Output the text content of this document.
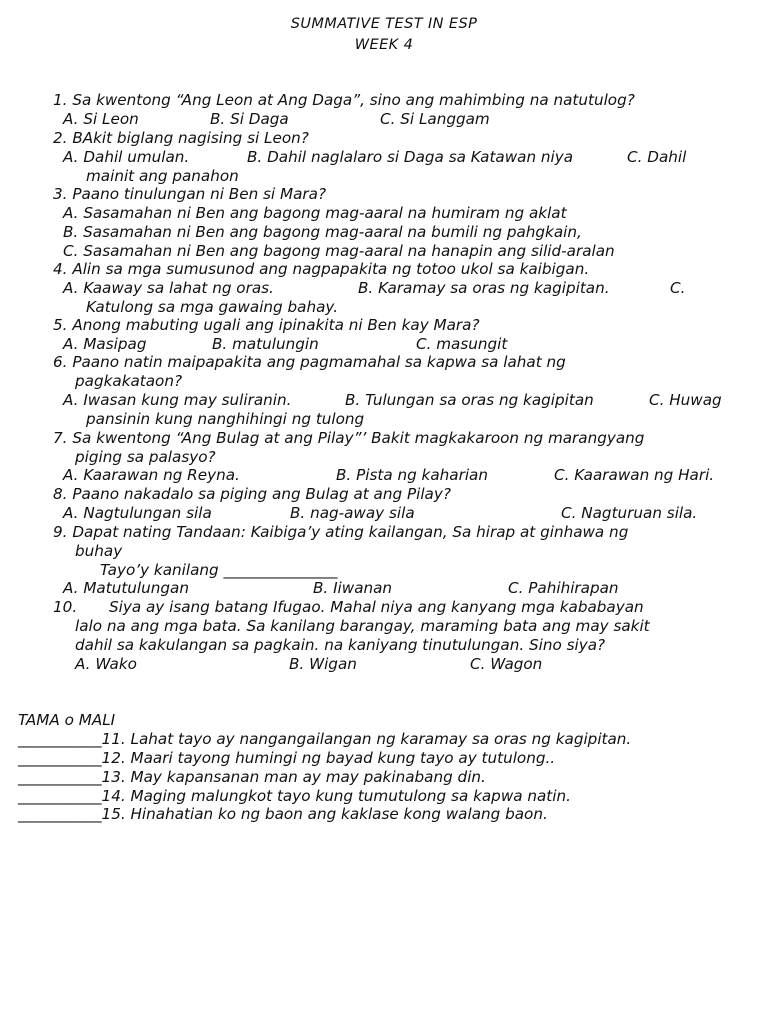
SUMMATIVE TEST IN ESP
WEEK 4
1. Sa kwentong “Ang Leon at Ang Daga”, sino ang mahimbing na natutulog?
A. Si Leon	B. Si Daga	C. Si Langgam
2. BAkit biglang nagising si Leon?
A. Dahil umulan.	B. Dahil naglalaro si Daga sa Katawan niya	C. Dahil
mainit ang panahon
3. Paano tinulungan ni Ben si Mara?
A. Sasamahan ni Ben ang bagong mag-aaral na humiram ng aklat
B. Sasamahan ni Ben ang bagong mag-aaral na bumili ng pahgkain,
C. Sasamahan ni Ben ang bagong mag-aaral na hanapin ang silid-aralan
4. Alin sa mga sumusunod ang nagpapakita ng totoo ukol sa kaibigan.
A. Kaaway sa lahat ng oras.	B. Karamay sa oras ng kagipitan.	C.
Katulong sa mga gawaing bahay.
5. Anong mabuting ugali ang ipinakita ni Ben kay Mara?
A. Masipag	B. matulungin	C. masungit
6. Paano natin maipapakita ang pagmamahal sa kapwa sa lahat ng
pagkakataon?
A. Iwasan kung may suliranin.	B. Tulungan sa oras ng kagipitan	C. Huwag
pansinin kung nanghihingi ng tulong
7. Sa kwentong “Ang Bulag at ang Pilay”’ Bakit magkakaroon ng marangyang
piging sa palasyo?
A. Kaarawan ng Reyna.	B. Pista ng kaharian	C. Kaarawan ng Hari.
8. Paano nakadalo sa piging ang Bulag at ang Pilay?
A. Nagtulungan sila	B. nag-away sila	C. Nagturuan sila.
9. Dapat nating Tandaan: Kaibiga’y ating kailangan, Sa hirap at ginhawa ng
buhay
Tayo’y kanilang _______________
A. Matutulungan	B. Iiwanan	C. Pahihirapan
10. Siya ay isang batang Ifugao. Mahal niya ang kanyang mga kababayan
lalo na ang mga bata. Sa kanilang barangay, maraming bata ang may sakit
dahil sa kakulangan sa pagkain. na kaniyang tinutulungan. Sino siya?
A. Wako	B. Wigan	C. Wagon
TAMA o MALI
___________11. Lahat tayo ay nangangailangan ng karamay sa oras ng kagipitan.
___________12. Maari tayong humingi ng bayad kung tayo ay tutulong..
___________13. May kapansanan man ay may pakinabang din.
___________14. Maging malungkot tayo kung tumutulong sa kapwa natin.
___________15. Hinahatian ko ng baon ang kaklase kong walang baon.
